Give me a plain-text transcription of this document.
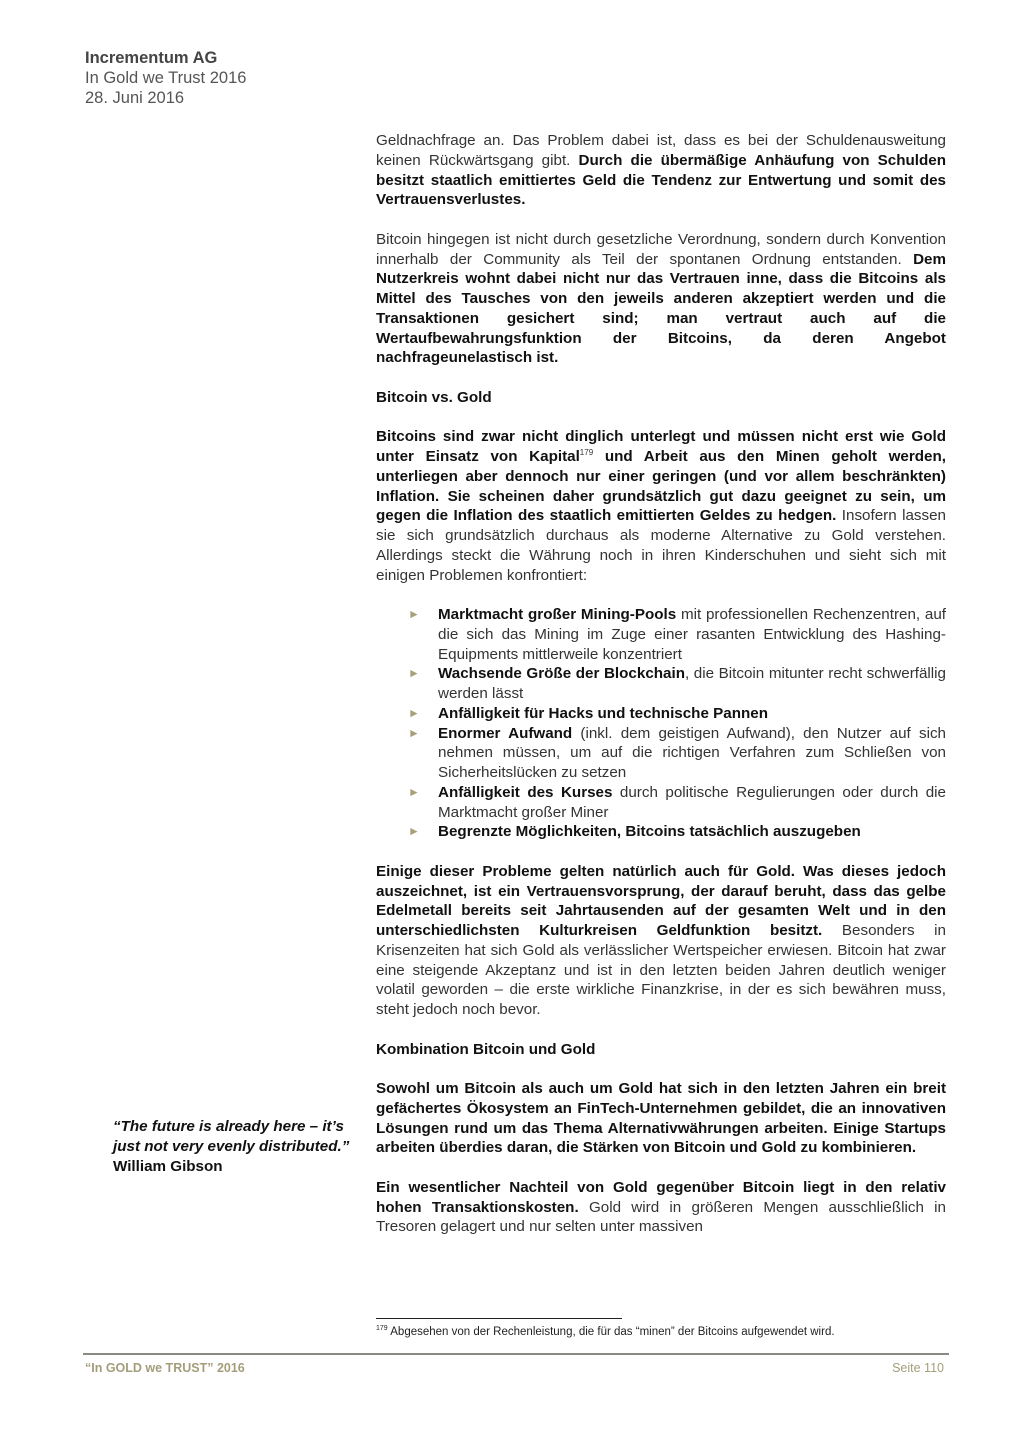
Incrementum AG
In Gold we Trust 2016
28. Juni 2016

Geldnachfrage an. Das Problem dabei ist, dass es bei der Schuldenausweitung keinen Rückwärtsgang gibt. Durch die übermäßige Anhäufung von Schulden besitzt staatlich emittiertes Geld die Tendenz zur Entwertung und somit des Vertrauensverlustes.

Bitcoin hingegen ist nicht durch gesetzliche Verordnung, sondern durch Konvention innerhalb der Community als Teil der spontanen Ordnung entstanden. Dem Nutzerkreis wohnt dabei nicht nur das Vertrauen inne, dass die Bitcoins als Mittel des Tausches von den jeweils anderen akzeptiert werden und die Transaktionen gesichert sind; man vertraut auch auf die Wertaufbewahrungsfunktion der Bitcoins, da deren Angebot nachfrageunelastisch ist.

Bitcoin vs. Gold

Bitcoins sind zwar nicht dinglich unterlegt und müssen nicht erst wie Gold unter Einsatz von Kapital$^{179}$ und Arbeit aus den Minen geholt werden, unterliegen aber dennoch nur einer geringen (und vor allem beschränkten) Inflation. Sie scheinen daher grundsätzlich gut dazu geeignet zu sein, um gegen die Inflation des staatlich emittierten Geldes zu hedgen. Insofern lassen sie sich grundsätzlich durchaus als moderne Alternative zu Gold verstehen. Allerdings steckt die Währung noch in ihren Kinderschuhen und sieht sich mit einigen Problemen konfrontiert:

► Marktmacht großer Mining-Pools mit professionellen Rechenzentren, auf die sich das Mining im Zuge einer rasanten Entwicklung des Hashing-Equipments mittlerweile konzentriert
► Wachsende Größe der Blockchain, die Bitcoin mitunter recht schwerfällig werden lässt
► Anfälligkeit für Hacks und technische Pannen
► Enormer Aufwand (inkl. dem geistigen Aufwand), den Nutzer auf sich nehmen müssen, um auf die richtigen Verfahren zum Schließen von Sicherheitslücken zu setzen
► Anfälligkeit des Kurses durch politische Regulierungen oder durch die Marktmacht großer Miner
► Begrenzte Möglichkeiten, Bitcoins tatsächlich auszugeben

Einige dieser Probleme gelten natürlich auch für Gold. Was dieses jedoch auszeichnet, ist ein Vertrauensvorsprung, der darauf beruht, dass das gelbe Edelmetall bereits seit Jahrtausenden auf der gesamten Welt und in den unterschiedlichsten Kulturkreisen Geldfunktion besitzt. Besonders in Krisenzeiten hat sich Gold als verlässlicher Wertspeicher erwiesen. Bitcoin hat zwar eine steigende Akzeptanz und ist in den letzten beiden Jahren deutlich weniger volatil geworden – die erste wirkliche Finanzkrise, in der es sich bewähren muss, steht jedoch noch bevor.

Kombination Bitcoin und Gold

Sowohl um Bitcoin als auch um Gold hat sich in den letzten Jahren ein breit gefächertes Ökosystem an FinTech-Unternehmen gebildet, die an innovativen Lösungen rund um das Thema Alternativwährungen arbeiten. Einige Startups arbeiten überdies daran, die Stärken von Bitcoin und Gold zu kombinieren.

Ein wesentlicher Nachteil von Gold gegenüber Bitcoin liegt in den relativ hohen Transaktionskosten. Gold wird in größeren Mengen ausschließlich in Tresoren gelagert und nur selten unter massiven

“The future is already here – it’s just not very evenly distributed.”
William Gibson
$^{179}$ Abgesehen von der Rechenleistung, die für das “minen” der Bitcoins aufgewendet wird.
“In GOLD we TRUST” 2016	Seite 110
